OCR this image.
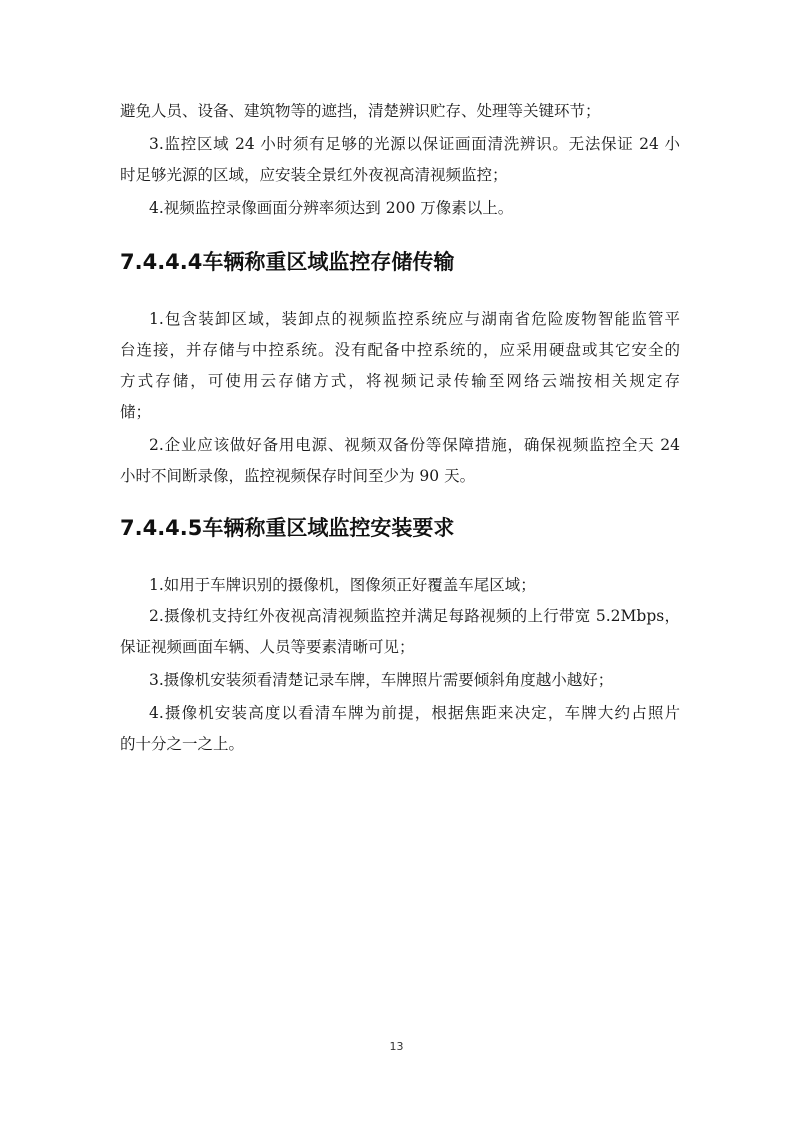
避免人员、设备、建筑物等的遮挡，清楚辨识贮存、处理等关键环节；
3.监控区域 24 小时须有足够的光源以保证画面清洗辨识。无法保证 24 小
时足够光源的区域，应安装全景红外夜视高清视频监控；
4.视频监控录像画面分辨率须达到 200 万像素以上。
7.4.4.4车辆称重区域监控存储传输
1.包含装卸区域，装卸点的视频监控系统应与湖南省危险废物智能监管平
台连接，并存储与中控系统。没有配备中控系统的，应采用硬盘或其它安全的
方式存储，可使用云存储方式，将视频记录传输至网络云端按相关规定存
储；
2.企业应该做好备用电源、视频双备份等保障措施，确保视频监控全天 24
小时不间断录像，监控视频保存时间至少为 90 天。
7.4.4.5车辆称重区域监控安装要求
1.如用于车牌识别的摄像机，图像须正好覆盖车尾区域；
2.摄像机支持红外夜视高清视频监控并满足每路视频的上行带宽 5.2Mbps，
保证视频画面车辆、人员等要素清晰可见；
3.摄像机安装须看清楚记录车牌，车牌照片需要倾斜角度越小越好；
4.摄像机安装高度以看清车牌为前提，根据焦距来决定，车牌大约占照片
的十分之一之上。
13
